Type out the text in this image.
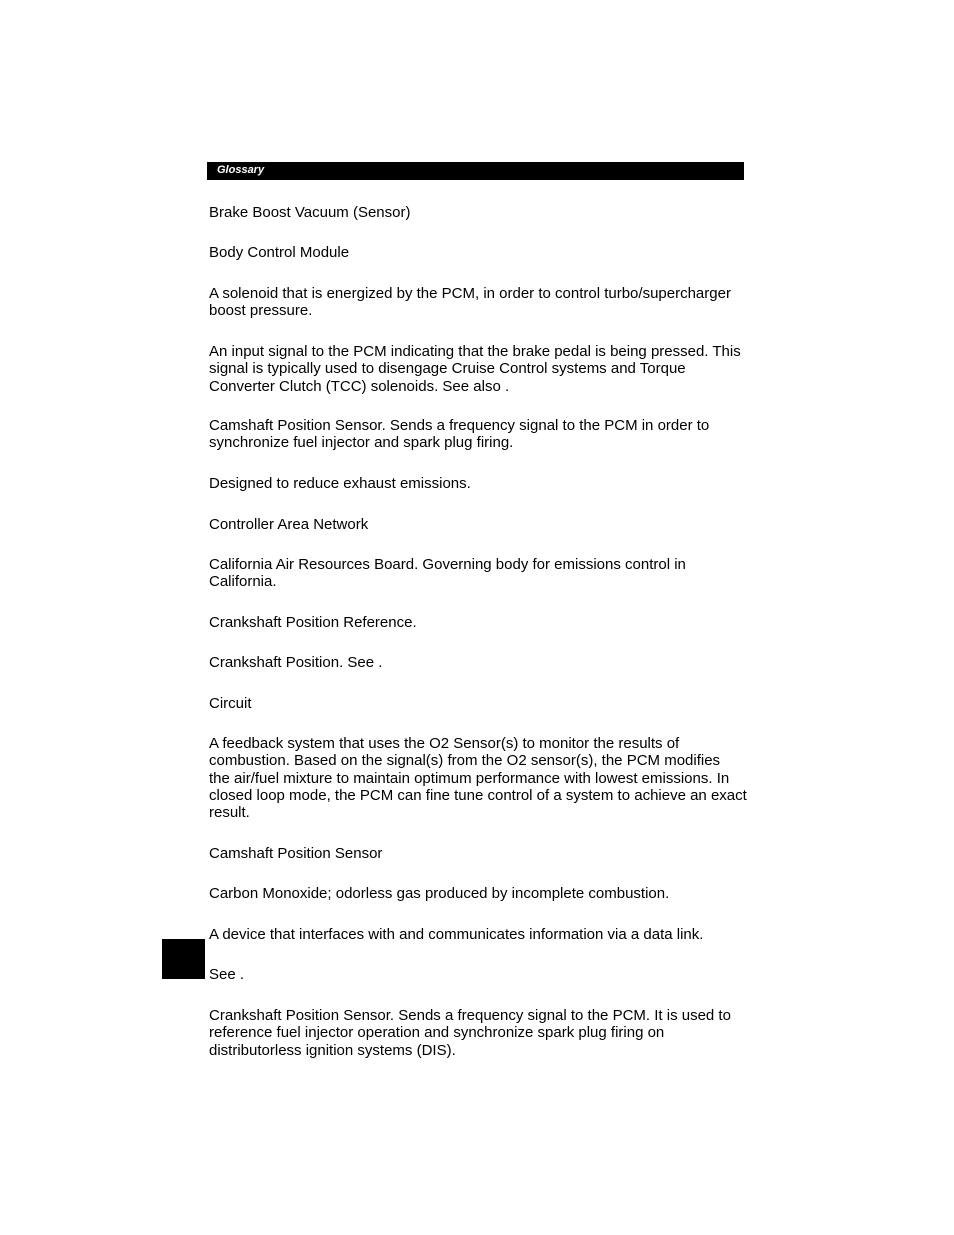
Glossary
Brake Boost Vacuum (Sensor)
Body Control Module
A solenoid that is energized by the PCM, in order to control turbo/supercharger
boost pressure.
An input signal to the PCM indicating that the brake pedal is being pressed. This
signal is typically used to disengage Cruise Control systems and Torque
Converter Clutch (TCC) solenoids. See also .
Camshaft Position Sensor. Sends a frequency signal to the PCM in order to
synchronize fuel injector and spark plug firing.
Designed to reduce exhaust emissions.
Controller Area Network
California Air Resources Board. Governing body for emissions control in
California.
Crankshaft Position Reference.
Crankshaft Position. See .
Circuit
A feedback system that uses the O2 Sensor(s) to monitor the results of
combustion. Based on the signal(s) from the O2 sensor(s), the PCM modifies
the air/fuel mixture to maintain optimum performance with lowest emissions. In
closed loop mode, the PCM can fine tune control of a system to achieve an exact
result.
Camshaft Position Sensor
Carbon Monoxide; odorless gas produced by incomplete combustion.
A device that interfaces with and communicates information via a data link.
See .
Crankshaft Position Sensor. Sends a frequency signal to the PCM. It is used to
reference fuel injector operation and synchronize spark plug firing on
distributorless ignition systems (DIS).
